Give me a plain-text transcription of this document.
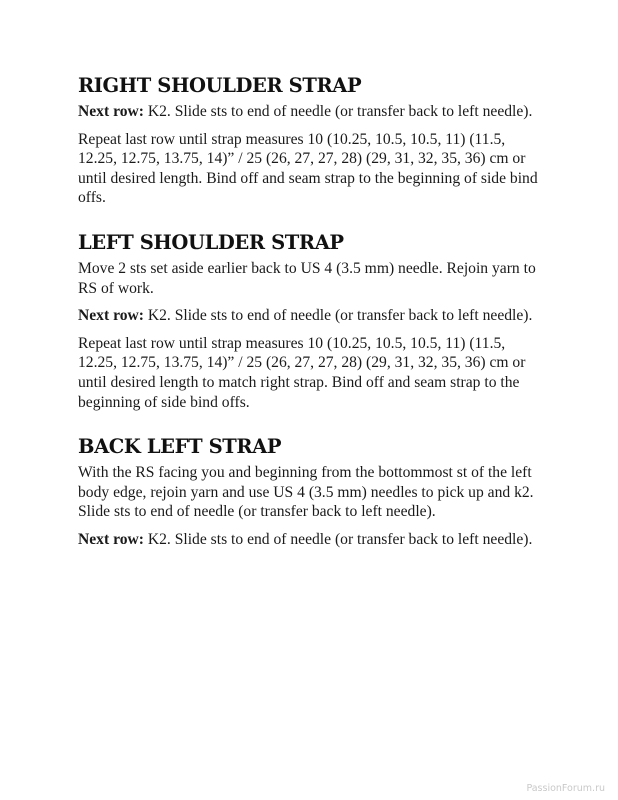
RIGHT SHOULDER STRAP

Next row: K2. Slide sts to end of needle (or transfer back to left needle).

Repeat last row until strap measures 10 (10.25, 10.5, 10.5, 11) (11.5, 12.25, 12.75, 13.75, 14)” / 25 (26, 27, 27, 28) (29, 31, 32, 35, 36) cm or until desired length. Bind off and seam strap to the beginning of side bind offs.

LEFT SHOULDER STRAP

Move 2 sts set aside earlier back to US 4 (3.5 mm) needle. Rejoin yarn to RS of work.

Next row: K2. Slide sts to end of needle (or transfer back to left needle).

Repeat last row until strap measures 10 (10.25, 10.5, 10.5, 11) (11.5, 12.25, 12.75, 13.75, 14)” / 25 (26, 27, 27, 28) (29, 31, 32, 35, 36) cm or until desired length to match right strap. Bind off and seam strap to the beginning of side bind offs.

BACK LEFT STRAP

With the RS facing you and beginning from the bottommost st of the left body edge, rejoin yarn and use US 4 (3.5 mm) needles to pick up and k2. Slide sts to end of needle (or transfer back to left needle).

Next row: K2. Slide sts to end of needle (or transfer back to left needle).

PassionForum.ru
